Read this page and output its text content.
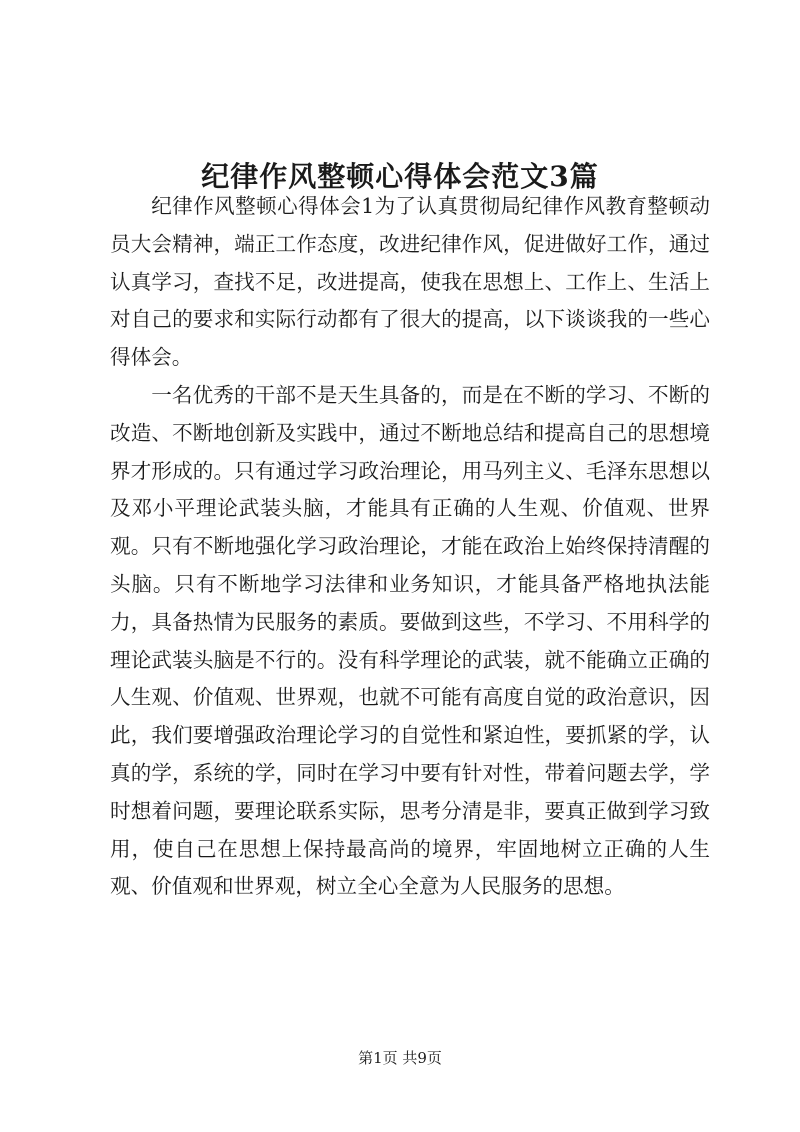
纪律作风整顿心得体会范文3篇

纪律作风整顿心得体会1为了认真贯彻局纪律作风教育整顿动员大会精神，端正工作态度，改进纪律作风，促进做好工作，通过认真学习，查找不足，改进提高，使我在思想上、工作上、生活上对自己的要求和实际行动都有了很大的提高，以下谈谈我的一些心得体会。

一名优秀的干部不是天生具备的，而是在不断的学习、不断的改造、不断地创新及实践中，通过不断地总结和提高自己的思想境界才形成的。只有通过学习政治理论，用马列主义、毛泽东思想以及邓小平理论武装头脑，才能具有正确的人生观、价值观、世界观。只有不断地强化学习政治理论，才能在政治上始终保持清醒的头脑。只有不断地学习法律和业务知识，才能具备严格地执法能力，具备热情为民服务的素质。要做到这些，不学习、不用科学的理论武装头脑是不行的。没有科学理论的武装，就不能确立正确的人生观、价值观、世界观，也就不可能有高度自觉的政治意识，因此，我们要增强政治理论学习的自觉性和紧迫性，要抓紧的学，认真的学，系统的学，同时在学习中要有针对性，带着问题去学，学时想着问题，要理论联系实际，思考分清是非，要真正做到学习致用，使自己在思想上保持最高尚的境界，牢固地树立正确的人生观、价值观和世界观，树立全心全意为人民服务的思想。

第1页 共9页
